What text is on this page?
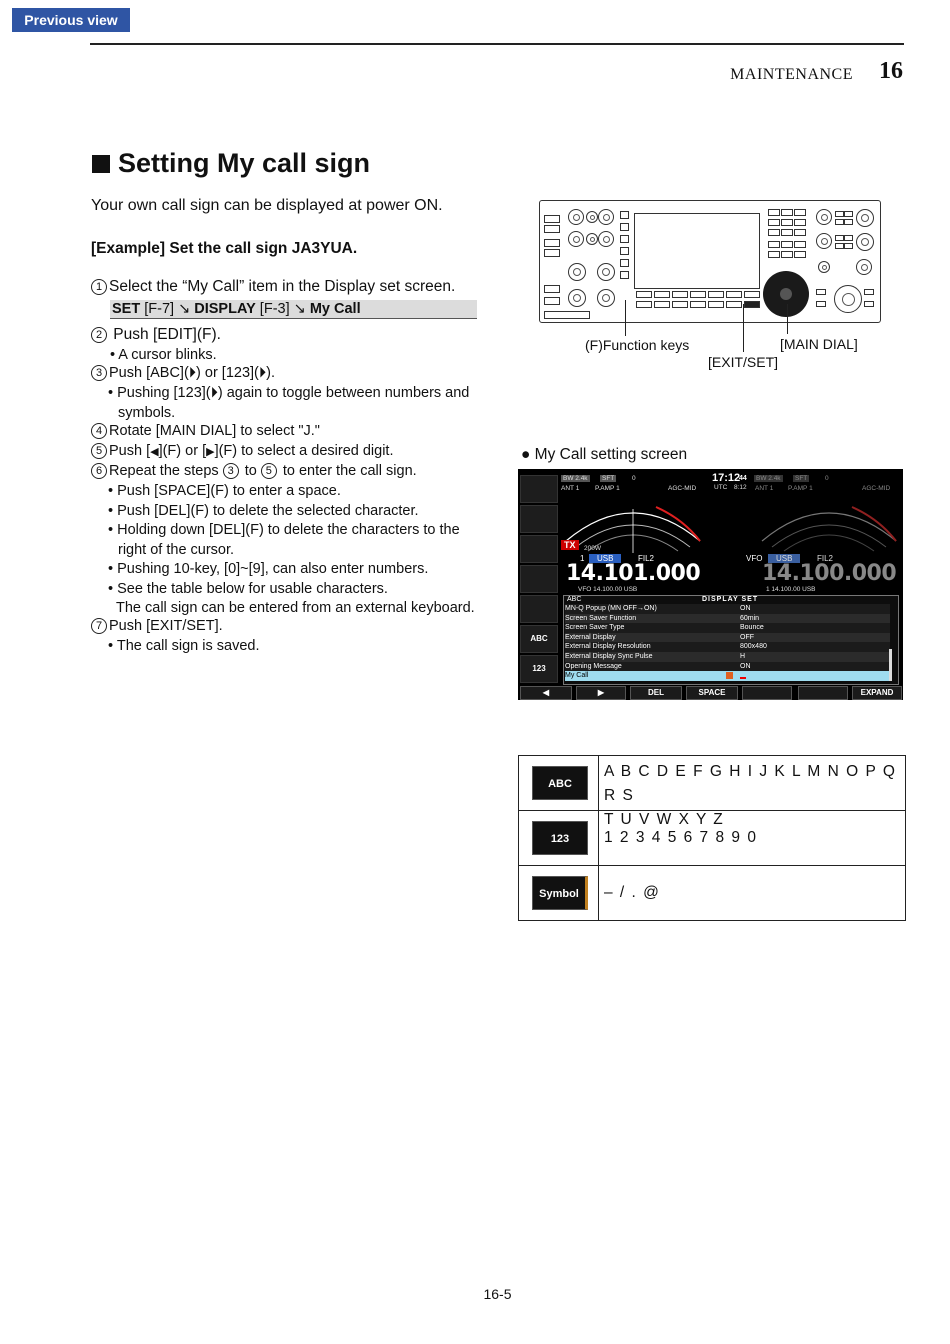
Previous view
MAINTENANCE 16
Setting My call sign
Your own call sign can be displayed at power ON.
[Example] Set the call sign JA3YUA.
1 Select the “My Call” item in the Display set screen.
SET [F-7] ↘ DISPLAY [F-3] ↘ My Call
2 Push [EDIT](F).
• A cursor blinks.
3 Push [ABC](⏵) or [123](⏵).
• Pushing [123](⏵) again to toggle between numbers and
symbols.
4 Rotate [MAIN DIAL] to select "J."
5 Push [◀](F) or [▶](F) to select a desired digit.
6 Repeat the steps 3 to 5 to enter the call sign.
• Push [SPACE](F) to enter a space.
• Push [DEL](F) to delete the selected character.
• Holding down [DEL](F) to delete the characters to the
right of the cursor.
• Pushing 10-key, [0]~[9], can also enter numbers.
• See the table below for usable characters.
The call sign can be entered from an external keyboard.
7 Push [EXIT/SET].
• The call sign is saved.
(F)Function keys
[EXIT/SET]
[MAIN DIAL]
● My Call setting screen
ABC
123
BW 2.4k	SFT	0
ANT 1 P.AMP 1	AGC-MID
17:12
44
UTC 8:12
BW 2.4k	SFT	0
ANT 1 P.AMP 1	AGC-MID
TX	200W
1	USB	FIL2
14.101.000
VFO 14.100.00 USB
VFO	USB	FIL2
14.100.000
1 14.100.00 USB
ABC	DISPLAY SET
MN-Q Popup (MN OFF→ON)	ON
Screen Saver Function	60min
Screen Saver Type	Bounce
External Display	OFF
External Display Resolution	800x480
External Display Sync Pulse	H
Opening Message	ON
My Call
◀	▶	DEL	SPACE	EXPAND
ABC
A B C D E F G H I J K L M N O P Q R S
T U V W X Y Z
123	1 2 3 4 5 6 7 8 9 0
Symbol	– / . @
16-5
